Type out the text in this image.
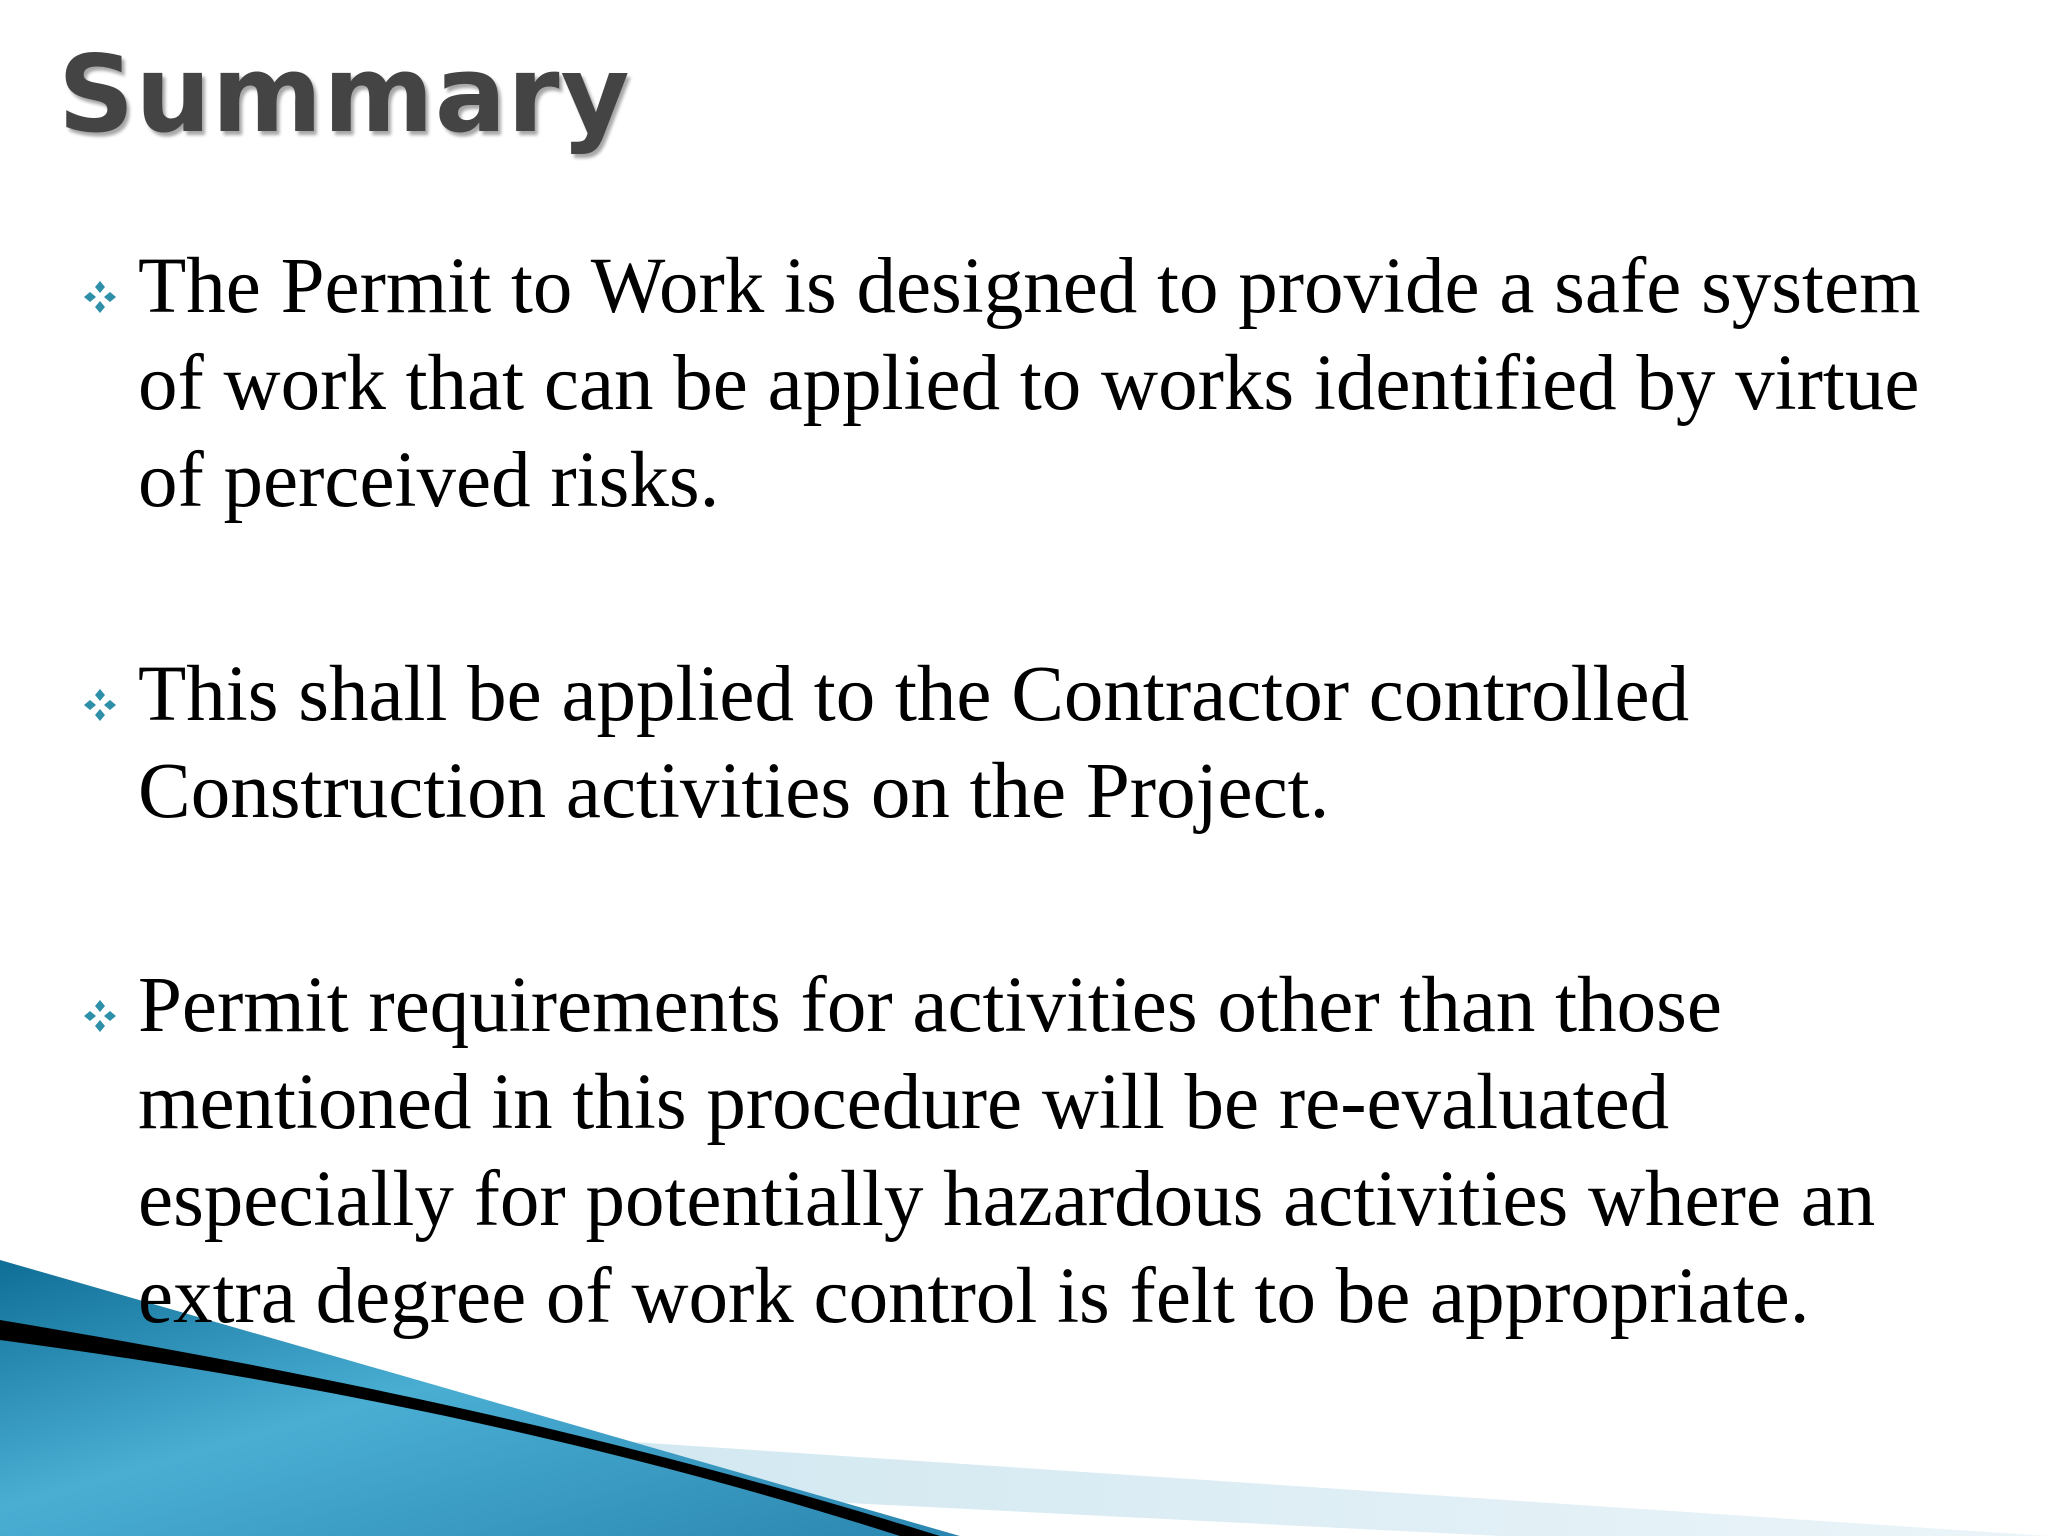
Summary
The Permit to Work is designed to provide a safe system of work that can be applied to works identified by virtue of perceived risks.
This shall be applied to the Contractor controlled Construction activities on the Project.
Permit requirements for activities other than those mentioned in this procedure will be re-evaluated especially for potentially hazardous activities where an extra degree of work control is felt to be appropriate.
